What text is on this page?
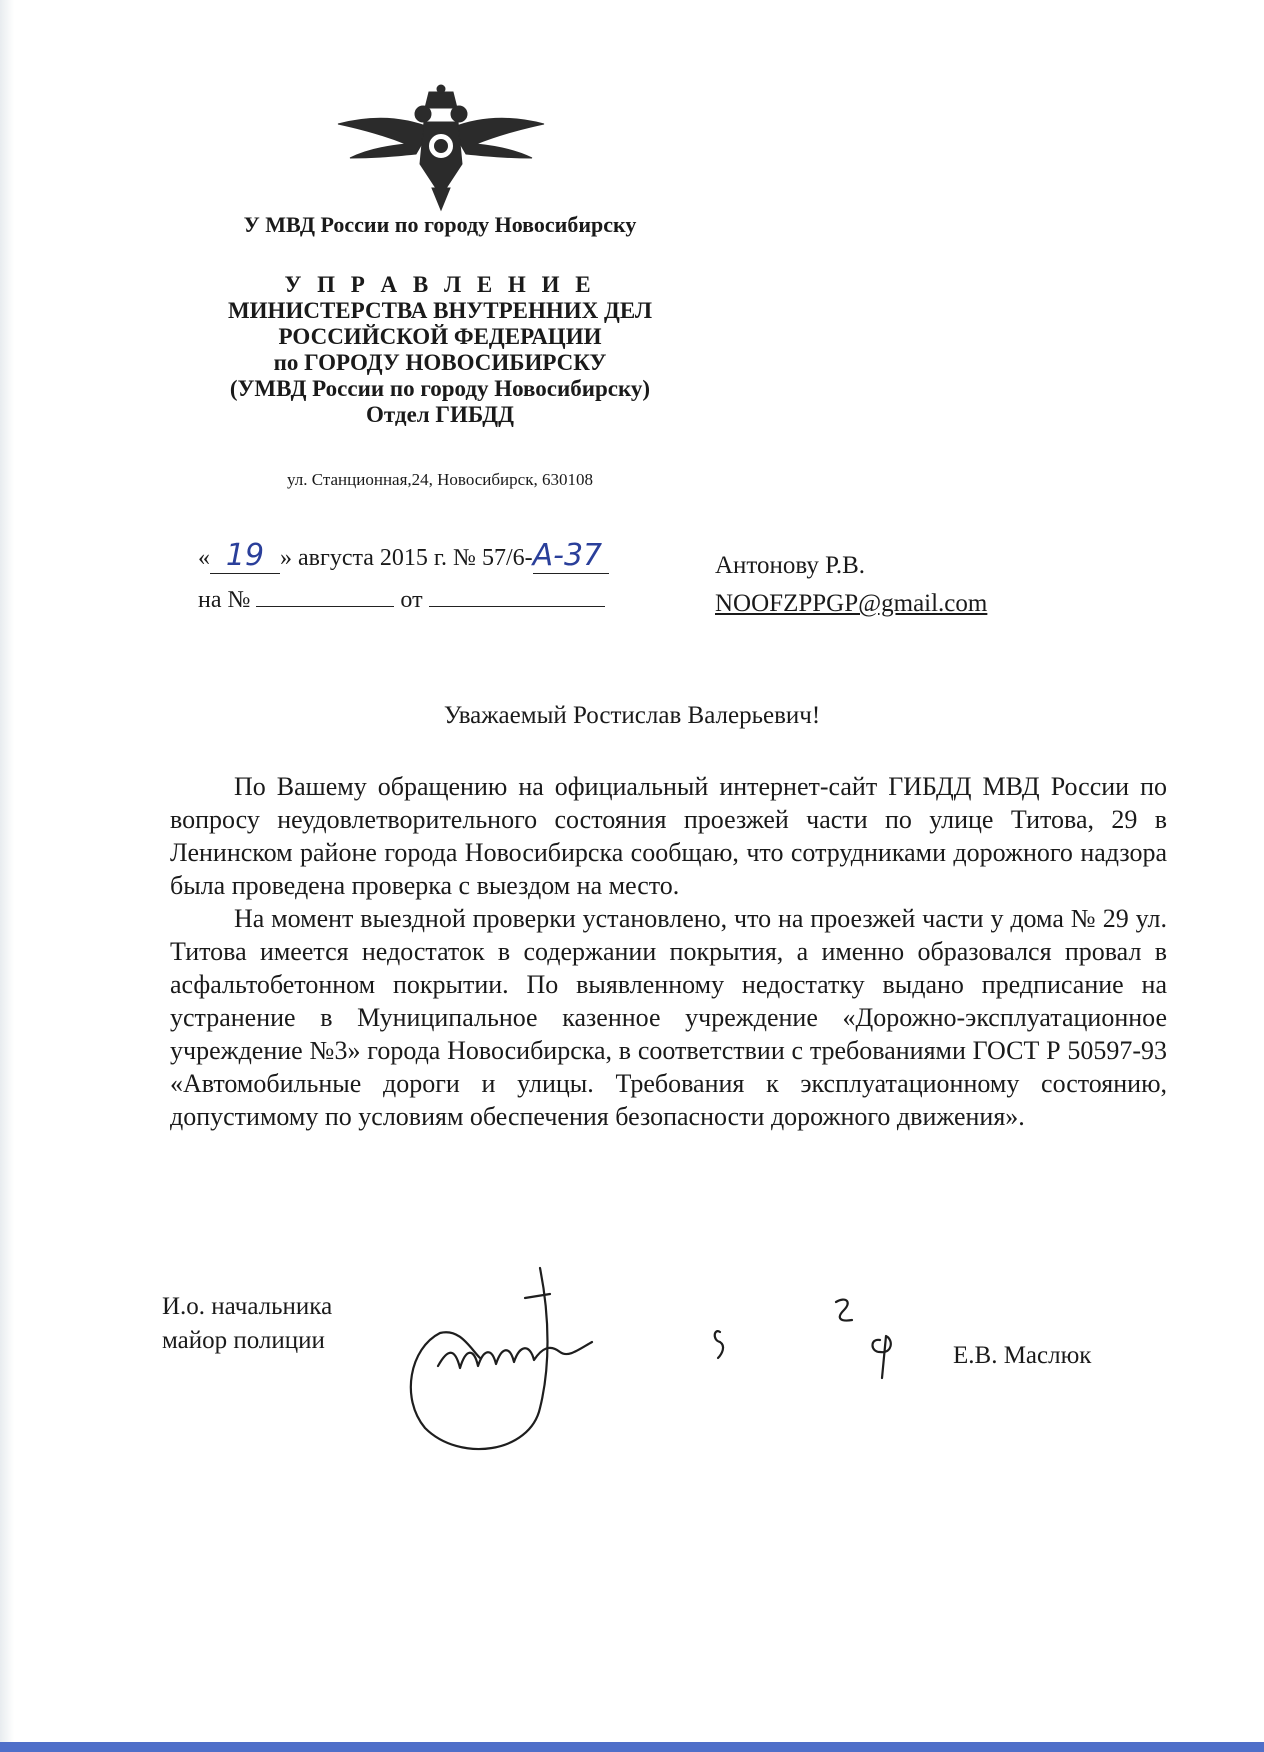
У МВД России по городу Новосибирску
У П Р А В Л Е Н И Е
МИНИСТЕРСТВА ВНУТРЕННИХ ДЕЛ
РОССИЙСКОЙ ФЕДЕРАЦИИ
по ГОРОДУ НОВОСИБИРСКУ
(УМВД России по городу Новосибирску)
Отдел ГИБДД
ул. Станционная,24, Новосибирск, 630108
« 19 » августа 2015 г. № 57/6-А-37
на №	от
Антонову Р.В.
NOOFZPPGP@gmail.com
Уважаемый Ростислав Валерьевич!

По Вашему обращению на официальный интернет-сайт ГИБДД МВД России по вопросу неудовлетворительного состояния проезжей части по улице Титова, 29 в Ленинском районе города Новосибирска сообщаю, что сотрудниками дорожного надзора была проведена проверка с выездом на место.

На момент выездной проверки установлено, что на проезжей части у дома № 29 ул. Титова имеется недостаток в содержании покрытия, а именно образовался провал в асфальтобетонном покрытии. По выявленному недостатку выдано предписание на устранение в Муниципальное казенное учреждение «Дорожно-эксплуатационное учреждение №3» города Новосибирска, в соответствии с требованиями ГОСТ Р 50597-93 «Автомобильные дороги и улицы. Требования к эксплуатационному состоянию, допустимому по условиям обеспечения безопасности дорожного движения».

И.о. начальника
майор полиции
Е.В. Маслюк
